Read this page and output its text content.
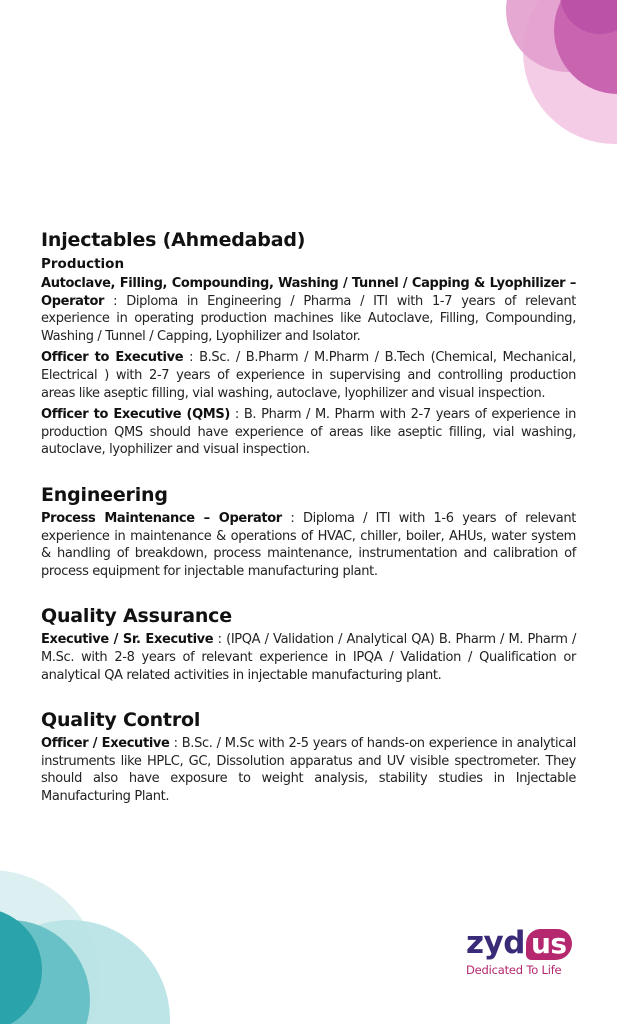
Injectables (Ahmedabad)
Production

Autoclave, Filling, Compounding, Washing / Tunnel / Capping & Lyophilizer – Operator : Diploma in Engineering / Pharma / ITI with 1-7 years of relevant experience in operating production machines like Autoclave, Filling, Compounding, Washing / Tunnel / Capping, Lyophilizer and Isolator.

Officer to Executive : B.Sc. / B.Pharm / M.Pharm / B.Tech (Chemical, Mechanical, Electrical ) with 2-7 years of experience in supervising and controlling production areas like aseptic filling, vial washing, autoclave, lyophilizer and visual inspection.

Officer to Executive (QMS) : B. Pharm / M. Pharm with 2-7 years of experience in production QMS should have experience of areas like aseptic filling, vial washing, autoclave, lyophilizer and visual inspection.

Engineering

Process Maintenance – Operator : Diploma / ITI with 1-6 years of relevant experience in maintenance & operations of HVAC, chiller, boiler, AHUs, water system & handling of breakdown, process maintenance, instrumentation and calibration of process equipment for injectable manufacturing plant.

Quality Assurance

Executive / Sr. Executive : (IPQA / Validation / Analytical QA) B. Pharm / M. Pharm / M.Sc. with 2-8 years of relevant experience in IPQA / Validation / Qualification or analytical QA related activities in injectable manufacturing plant.

Quality Control

Officer / Executive : B.Sc. / M.Sc with 2-5 years of hands-on experience in analytical instruments like HPLC, GC, Dissolution apparatus and UV visible spectrometer. They should also have exposure to weight analysis, stability studies in Injectable Manufacturing Plant.

zyd us
Dedicated To Life
